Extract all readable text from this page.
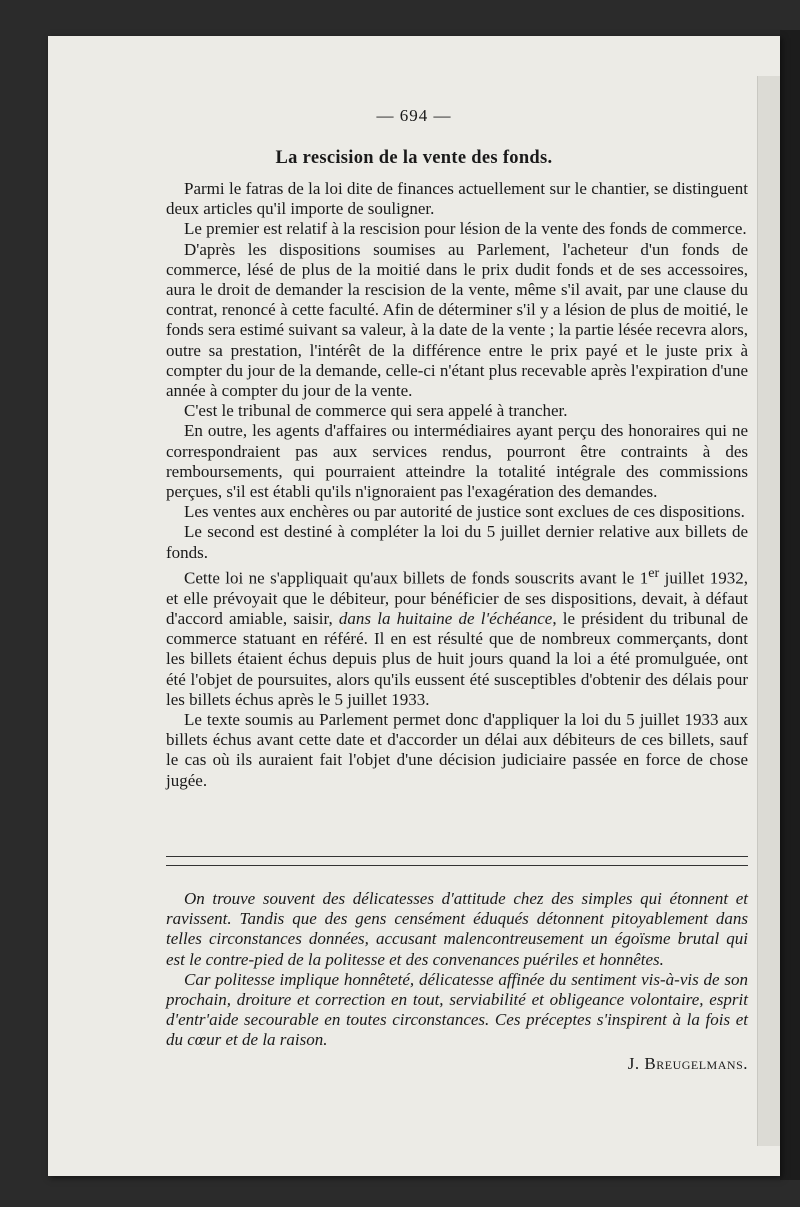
— 694 —
La rescision de la vente des fonds.

Parmi le fatras de la loi dite de finances actuellement sur le chantier, se distinguent deux articles qu'il importe de souligner.

Le premier est relatif à la rescision pour lésion de la vente des fonds de commerce.

D'après les dispositions soumises au Parlement, l'acheteur d'un fonds de commerce, lésé de plus de la moitié dans le prix dudit fonds et de ses accessoires, aura le droit de demander la rescision de la vente, même s'il avait, par une clause du contrat, renoncé à cette faculté. Afin de déterminer s'il y a lésion de plus de moitié, le fonds sera estimé suivant sa valeur, à la date de la vente ; la partie lésée recevra alors, outre sa prestation, l'intérêt de la différence entre le prix payé et le juste prix à compter du jour de la demande, celle-ci n'étant plus recevable après l'expiration d'une année à compter du jour de la vente.

C'est le tribunal de commerce qui sera appelé à trancher.

En outre, les agents d'affaires ou intermédiaires ayant perçu des honoraires qui ne correspondraient pas aux services rendus, pourront être contraints à des remboursements, qui pourraient atteindre la totalité intégrale des commissions perçues, s'il est établi qu'ils n'ignoraient pas l'exagération des demandes.

Les ventes aux enchères ou par autorité de justice sont exclues de ces dispositions.

Le second est destiné à compléter la loi du 5 juillet dernier relative aux billets de fonds.

Cette loi ne s'appliquait qu'aux billets de fonds souscrits avant le 1er juillet 1932, et elle prévoyait que le débiteur, pour bénéficier de ses dispositions, devait, à défaut d'accord amiable, saisir, dans la huitaine de l'échéance, le président du tribunal de commerce statuant en référé. Il en est résulté que de nombreux commerçants, dont les billets étaient échus depuis plus de huit jours quand la loi a été promulguée, ont été l'objet de poursuites, alors qu'ils eussent été susceptibles d'obtenir des délais pour les billets échus après le 5 juillet 1933.

Le texte soumis au Parlement permet donc d'appliquer la loi du 5 juillet 1933 aux billets échus avant cette date et d'accorder un délai aux débiteurs de ces billets, sauf le cas où ils auraient fait l'objet d'une décision judiciaire passée en force de chose jugée.

On trouve souvent des délicatesses d'attitude chez des simples qui étonnent et ravissent. Tandis que des gens censément éduqués détonnent pitoyablement dans telles circonstances données, accusant malencontreusement un égoïsme brutal qui est le contre-pied de la politesse et des convenances puériles et honnêtes.

Car politesse implique honnêteté, délicatesse affinée du sentiment vis-à-vis de son prochain, droiture et correction en tout, serviabilité et obligeance volontaire, esprit d'entr'aide secourable en toutes circonstances. Ces préceptes s'inspirent à la fois et du cœur et de la raison.

J. Breugelmans.
